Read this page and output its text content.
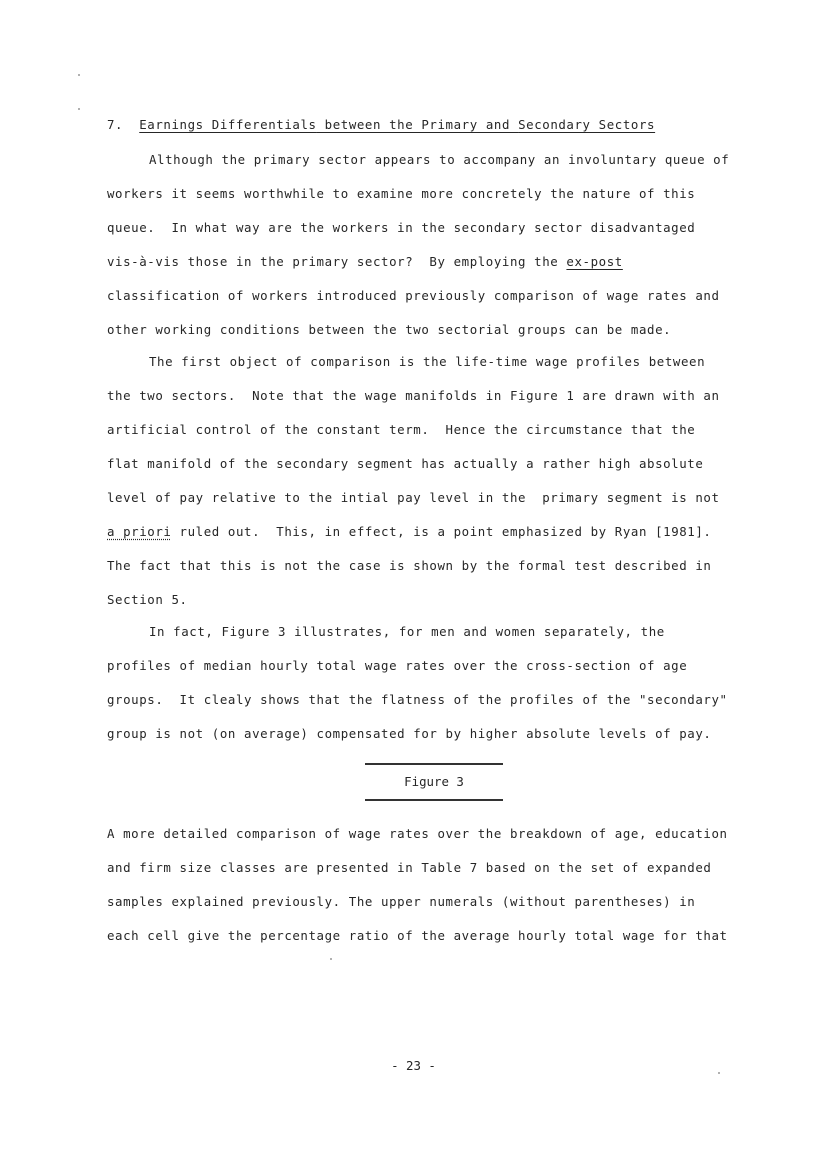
7. Earnings Differentials between the Primary and Secondary Sectors
Although the primary sector appears to accompany an involuntary queue of
workers it seems worthwhile to examine more concretely the nature of this
queue.  In what way are the workers in the secondary sector disadvantaged
vis-à-vis those in the primary sector?  By employing the ex-post
classification of workers introduced previously comparison of wage rates and
other working conditions between the two sectorial groups can be made.
The first object of comparison is the life-time wage profiles between
the two sectors.  Note that the wage manifolds in Figure 1 are drawn with an
artificial control of the constant term.  Hence the circumstance that the
flat manifold of the secondary segment has actually a rather high absolute
level of pay relative to the intial pay level in the  primary segment is not
a priori ruled out.  This, in effect, is a point emphasized by Ryan [1981].
The fact that this is not the case is shown by the formal test described in
Section 5.
In fact, Figure 3 illustrates, for men and women separately, the
profiles of median hourly total wage rates over the cross-section of age
groups.  It clealy shows that the flatness of the profiles of the "secondary"
group is not (on average) compensated for by higher absolute levels of pay.
Figure 3
A more detailed comparison of wage rates over the breakdown of age, education
and firm size classes are presented in Table 7 based on the set of expanded
samples explained previously. The upper numerals (without parentheses) in
each cell give the percentage ratio of the average hourly total wage for that
- 23 -
